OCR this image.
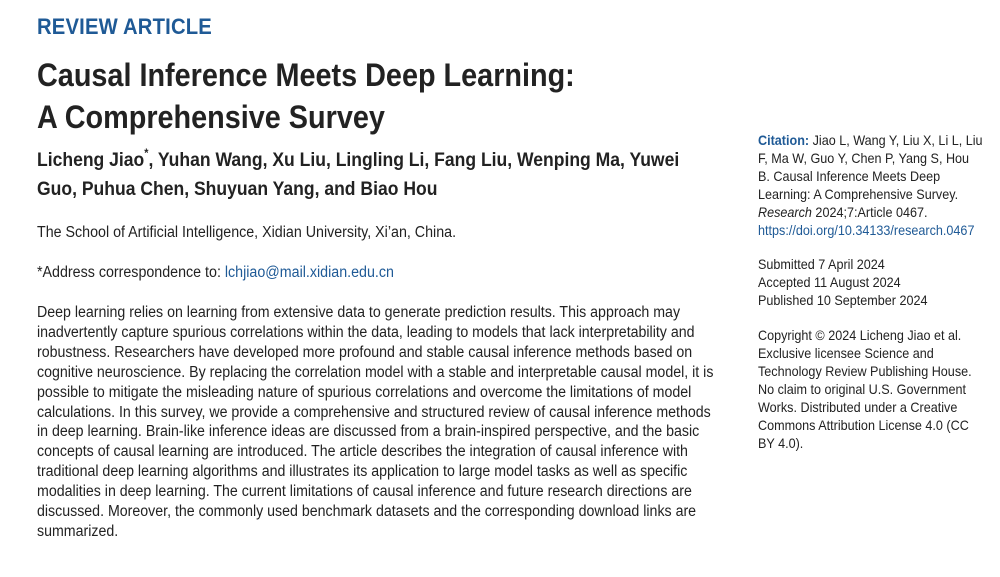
REVIEW ARTICLE
Causal Inference Meets Deep Learning:
A Comprehensive Survey
Licheng Jiao*, Yuhan Wang, Xu Liu, Lingling Li, Fang Liu, Wenping Ma, Yuwei Guo, Puhua Chen, Shuyuan Yang, and Biao Hou
The School of Artificial Intelligence, Xidian University, Xi’an, China.
*Address correspondence to: lchjiao@mail.xidian.edu.cn

Deep learning relies on learning from extensive data to generate prediction results. This approach may inadvertently capture spurious correlations within the data, leading to models that lack interpretability and robustness. Researchers have developed more profound and stable causal inference methods based on cognitive neuroscience. By replacing the correlation model with a stable and interpretable causal model, it is possible to mitigate the misleading nature of spurious correlations and overcome the limitations of model calculations. In this survey, we provide a comprehensive and structured review of causal inference methods in deep learning. Brain-like inference ideas are discussed from a brain-inspired perspective, and the basic concepts of causal learning are introduced. The article describes the integration of causal inference with traditional deep learning algorithms and illustrates its application to large model tasks as well as specific modalities in deep learning. The current limitations of causal inference and future research directions are discussed. Moreover, the commonly used benchmark datasets and the corresponding download links are summarized.

Citation: Jiao L, Wang Y, Liu X, Li L, Liu F, Ma W, Guo Y, Chen P, Yang S, Hou B. Causal Inference Meets Deep Learning: A Comprehensive Survey. Research 2024;7:Article 0467. https://doi.org/10.34133/research.0467
Submitted 7 April 2024
Accepted 11 August 2024
Published 10 September 2024
Copyright © 2024 Licheng Jiao et al. Exclusive licensee Science and Technology Review Publishing House. No claim to original U.S. Government Works. Distributed under a Creative Commons Attribution License 4.0 (CC BY 4.0).
